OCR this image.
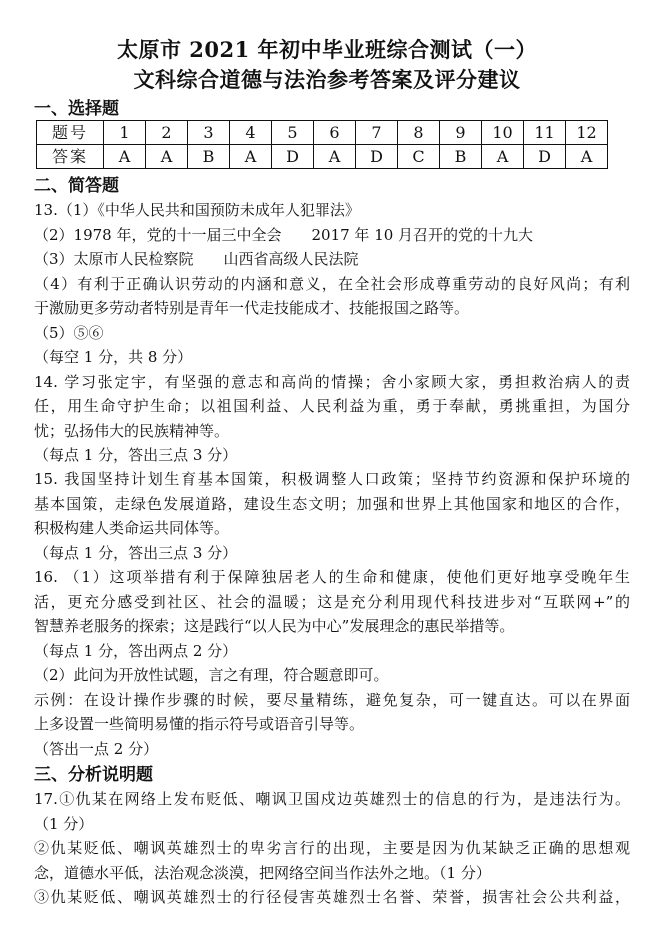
太原市 2021 年初中毕业班综合测试（一）
文科综合道德与法治参考答案及评分建议
一、选择题
题号	1	2	3	4	5	6	7	8	9	10	11	12
答案	A	A	B	A	D	A	D	C	B	A	D	A
二、简答题
13.（1）《中华人民共和国预防未成年人犯罪法》
（2）1978 年，党的十一届三中全会　　2017 年 10 月召开的党的十九大
（3）太原市人民检察院　　山西省高级人民法院
（4）有利于正确认识劳动的内涵和意义，在全社会形成尊重劳动的良好风尚；有利
于激励更多劳动者特别是青年一代走技能成才、技能报国之路等。
（5）⑤⑥
（每空 1 分，共 8 分）
14. 学习张定宇，有坚强的意志和高尚的情操；舍小家顾大家，勇担救治病人的责
任，用生命守护生命；以祖国利益、人民利益为重，勇于奉献，勇挑重担，为国分
忧；弘扬伟大的民族精神等。
（每点 1 分，答出三点 3 分）
15. 我国坚持计划生育基本国策，积极调整人口政策；坚持节约资源和保护环境的
基本国策，走绿色发展道路，建设生态文明；加强和世界上其他国家和地区的合作，
积极构建人类命运共同体等。
（每点 1 分，答出三点 3 分）
16. （1）这项举措有利于保障独居老人的生命和健康，使他们更好地享受晚年生
活，更充分感受到社区、社会的温暖；这是充分利用现代科技进步对“互联网+”的
智慧养老服务的探索；这是践行“以人民为中心”发展理念的惠民举措等。
（每点 1 分，答出两点 2 分）
（2）此问为开放性试题，言之有理，符合题意即可。
示例：在设计操作步骤的时候，要尽量精练，避免复杂，可一键直达。可以在界面
上多设置一些简明易懂的指示符号或语音引导等。
（答出一点 2 分）
三、分析说明题
17.①仇某在网络上发布贬低、嘲讽卫国戍边英雄烈士的信息的行为，是违法行为。
（1 分）
②仇某贬低、嘲讽英雄烈士的卑劣言行的出现，主要是因为仇某缺乏正确的思想观
念，道德水平低，法治观念淡漠，把网络空间当作法外之地。（1 分）
③仇某贬低、嘲讽英雄烈士的行径侵害英雄烈士名誉、荣誉，损害社会公共利益，
